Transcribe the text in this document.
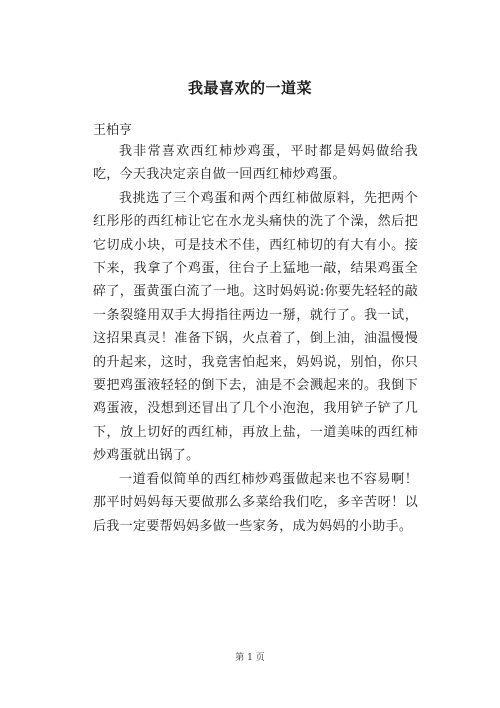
我最喜欢的一道菜
王柏亨

我非常喜欢西红柿炒鸡蛋，平时都是妈妈做给我吃，今天我决定亲自做一回西红柿炒鸡蛋。

我挑选了三个鸡蛋和两个西红柿做原料，先把两个红彤彤的西红柿让它在水龙头痛快的洗了个澡，然后把它切成小块，可是技术不佳，西红柿切的有大有小。接下来，我拿了个鸡蛋，往台子上猛地一敲，结果鸡蛋全碎了，蛋黄蛋白流了一地。这时妈妈说:你要先轻轻的敲一条裂缝用双手大拇指往两边一掰，就行了。我一试，这招果真灵！准备下锅，火点着了，倒上油，油温慢慢的升起来，这时，我竟害怕起来，妈妈说，别怕，你只要把鸡蛋液轻轻的倒下去，油是不会溅起来的。我倒下鸡蛋液，没想到还冒出了几个小泡泡，我用铲子铲了几下，放上切好的西红柿，再放上盐，一道美味的西红柿炒鸡蛋就出锅了。

一道看似简单的西红柿炒鸡蛋做起来也不容易啊！那平时妈妈每天要做那么多菜给我们吃，多辛苦呀！以后我一定要帮妈妈多做一些家务，成为妈妈的小助手。

第 1 页
